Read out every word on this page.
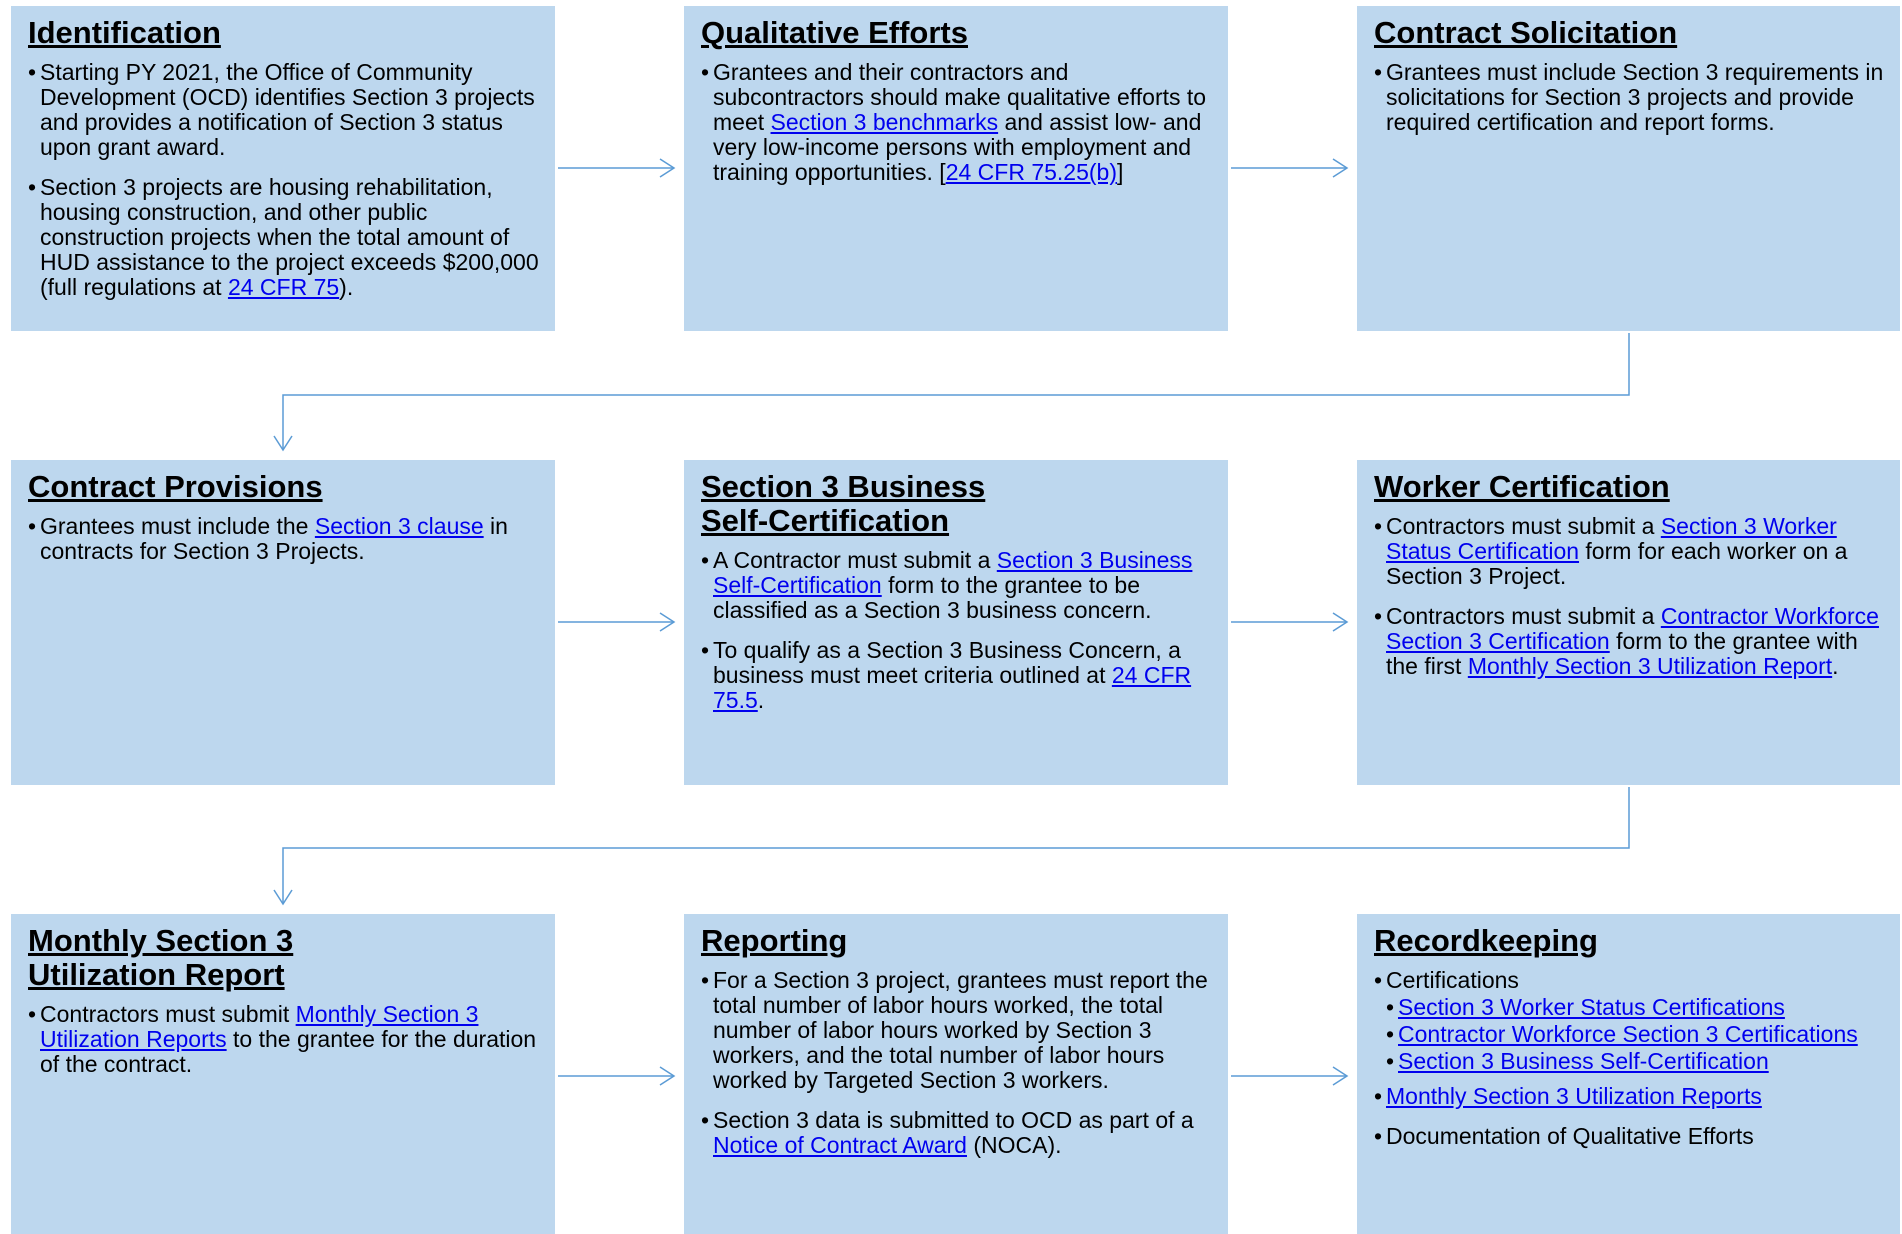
Identification
• Starting PY 2021, the Office of Community Development (OCD) identifies Section 3 projects and provides a notification of Section 3 status upon grant award.
• Section 3 projects are housing rehabilitation, housing construction, and other public construction projects when the total amount of HUD assistance to the project exceeds $200,000 (full regulations at 24 CFR 75).
Qualitative Efforts
• Grantees and their contractors and subcontractors should make qualitative efforts to meet Section 3 benchmarks and assist low- and very low-income persons with employment and training opportunities. [24 CFR 75.25(b)]
Contract Solicitation
• Grantees must include Section 3 requirements in solicitations for Section 3 projects and provide required certification and report forms.
Contract Provisions
• Grantees must include the Section 3 clause in contracts for Section 3 Projects.
Section 3 Business
Self-Certification
• A Contractor must submit a Section 3 Business Self-Certification form to the grantee to be classified as a Section 3 business concern.
• To qualify as a Section 3 Business Concern, a business must meet criteria outlined at 24 CFR 75.5.
Worker Certification
• Contractors must submit a Section 3 Worker Status Certification form for each worker on a Section 3 Project.
• Contractors must submit a Contractor Workforce Section 3 Certification form to the grantee with the first Monthly Section 3 Utilization Report.
Monthly Section 3
Utilization Report
• Contractors must submit Monthly Section 3 Utilization Reports to the grantee for the duration of the contract.
Reporting
• For a Section 3 project, grantees must report the total number of labor hours worked, the total number of labor hours worked by Section 3 workers, and the total number of labor hours worked by Targeted Section 3 workers.
• Section 3 data is submitted to OCD as part of a Notice of Contract Award (NOCA).
Recordkeeping
• Certifications
• Section 3 Worker Status Certifications
• Contractor Workforce Section 3 Certifications
• Section 3 Business Self-Certification
• Monthly Section 3 Utilization Reports
• Documentation of Qualitative Efforts
